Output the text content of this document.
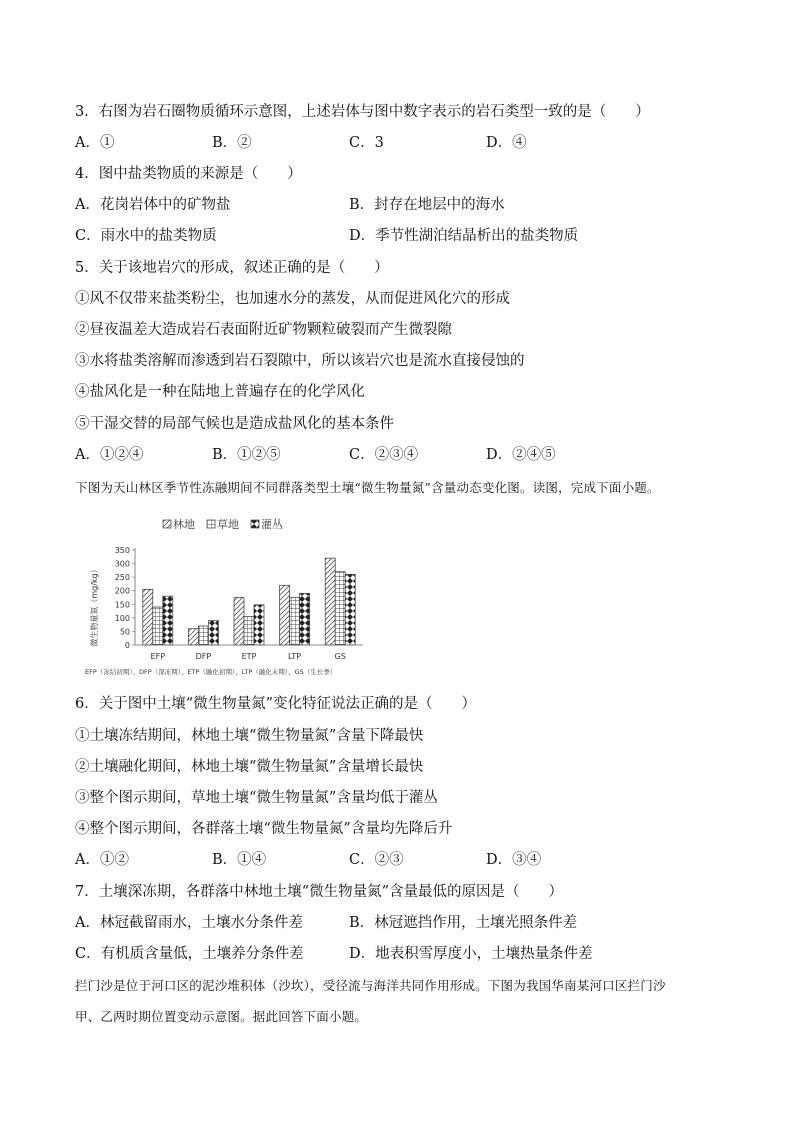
3．右图为岩石圈物质循环示意图，上述岩体与图中数字表示的岩石类型一致的是（　　）
A．①	B．②	C．3	D．④
4．图中盐类物质的来源是（　　）
A．花岗岩体中的矿物盐	B．封存在地层中的海水
C．雨水中的盐类物质	D．季节性湖泊结晶析出的盐类物质
5．关于该地岩穴的形成，叙述正确的是（　　）
①风不仅带来盐类粉尘，也加速水分的蒸发，从而促进风化穴的形成
②昼夜温差大造成岩石表面附近矿物颗粒破裂而产生微裂隙
③水将盐类溶解而渗透到岩石裂隙中，所以该岩穴也是流水直接侵蚀的
④盐风化是一种在陆地上普遍存在的化学风化
⑤干湿交替的局部气候也是造成盐风化的基本条件
A．①②④	B．①②⑤	C．②③④	D．②④⑤
下图为天山林区季节性冻融期间不同群落类型土壤“微生物量氮”含量动态变化图。读图，完成下面小题。
林地 草地 灌丛
0
50
100
150
200
250
300
350
EFP	DFP	ETP	LTP	GS
微生物量氮（mg/kg）
EFP（冻结初期）、DFP（深冻期）、ETP（融化初期）、LTP（融化末期）、GS（生长季）
6．关于图中土壤“微生物量氮”变化特征说法正确的是（　　）
①土壤冻结期间，林地土壤“微生物量氮”含量下降最快
②土壤融化期间，林地土壤“微生物量氮”含量增长最快
③整个图示期间，草地土壤“微生物量氮”含量均低于灌丛
④整个图示期间，各群落土壤“微生物量氮”含量均先降后升
A．①②	B．①④	C．②③	D．③④
7．土壤深冻期，各群落中林地土壤“微生物量氮”含量最低的原因是（　　）
A．林冠截留雨水，土壤水分条件差	B．林冠遮挡作用，土壤光照条件差
C．有机质含量低，土壤养分条件差	D．地表积雪厚度小，土壤热量条件差
拦门沙是位于河口区的泥沙堆积体（沙坎），受径流与海洋共同作用形成。下图为我国华南某河口区拦门沙
甲、乙两时期位置变动示意图。据此回答下面小题。
